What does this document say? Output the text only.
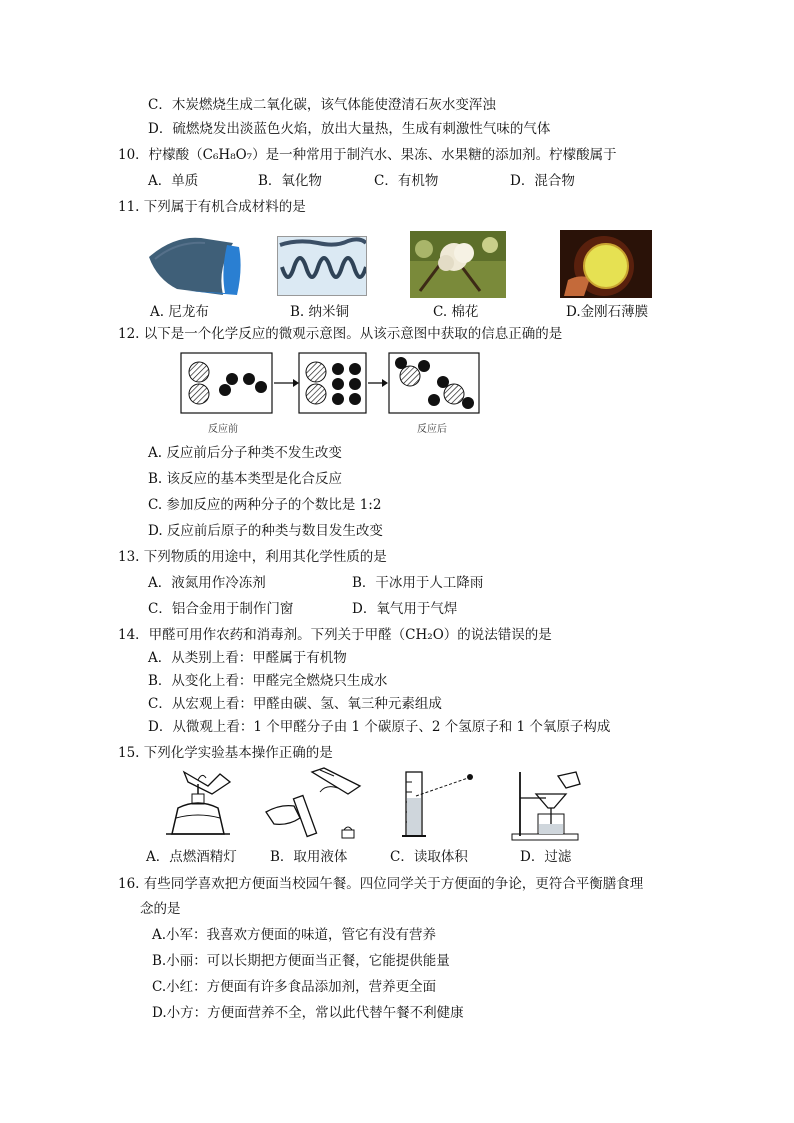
C．木炭燃烧生成二氧化碳，该气体能使澄清石灰水变浑浊
D．硫燃烧发出淡蓝色火焰，放出大量热，生成有刺激性气味的气体
10．柠檬酸（C₆H₈O₇）是一种常用于制汽水、果冻、水果糖的添加剂。柠檬酸属于
A．单质	B．氧化物	C．有机物	D．混合物
11. 下列属于有机合成材料的是
A. 尼龙布	B. 纳米铜	C. 棉花	D.金刚石薄膜
12. 以下是一个化学反应的微观示意图。从该示意图中获取的信息正确的是
反应前	反应后
A. 反应前后分子种类不发生改变
B. 该反应的基本类型是化合反应
C. 参加反应的两种分子的个数比是 1:2
D. 反应前后原子的种类与数目发生改变
13. 下列物质的用途中，利用其化学性质的是
A．液氮用作冷冻剂	B．干冰用于人工降雨
C．铝合金用于制作门窗	D．氧气用于气焊
14．甲醛可用作农药和消毒剂。下列关于甲醛（CH₂O）的说法错误的是
A．从类别上看：甲醛属于有机物
B．从变化上看：甲醛完全燃烧只生成水
C．从宏观上看：甲醛由碳、氢、氧三种元素组成
D．从微观上看：1 个甲醛分子由 1 个碳原子、2 个氢原子和 1 个氧原子构成
15. 下列化学实验基本操作正确的是
A．点燃酒精灯 B．取用液体	C．读取体积	D．过滤
16. 有些同学喜欢把方便面当校园午餐。四位同学关于方便面的争论，更符合平衡膳食理
念的是
A.小军：我喜欢方便面的味道，管它有没有营养
B.小丽：可以长期把方便面当正餐，它能提供能量
C.小红：方便面有许多食品添加剂，营养更全面
D.小方：方便面营养不全，常以此代替午餐不利健康
